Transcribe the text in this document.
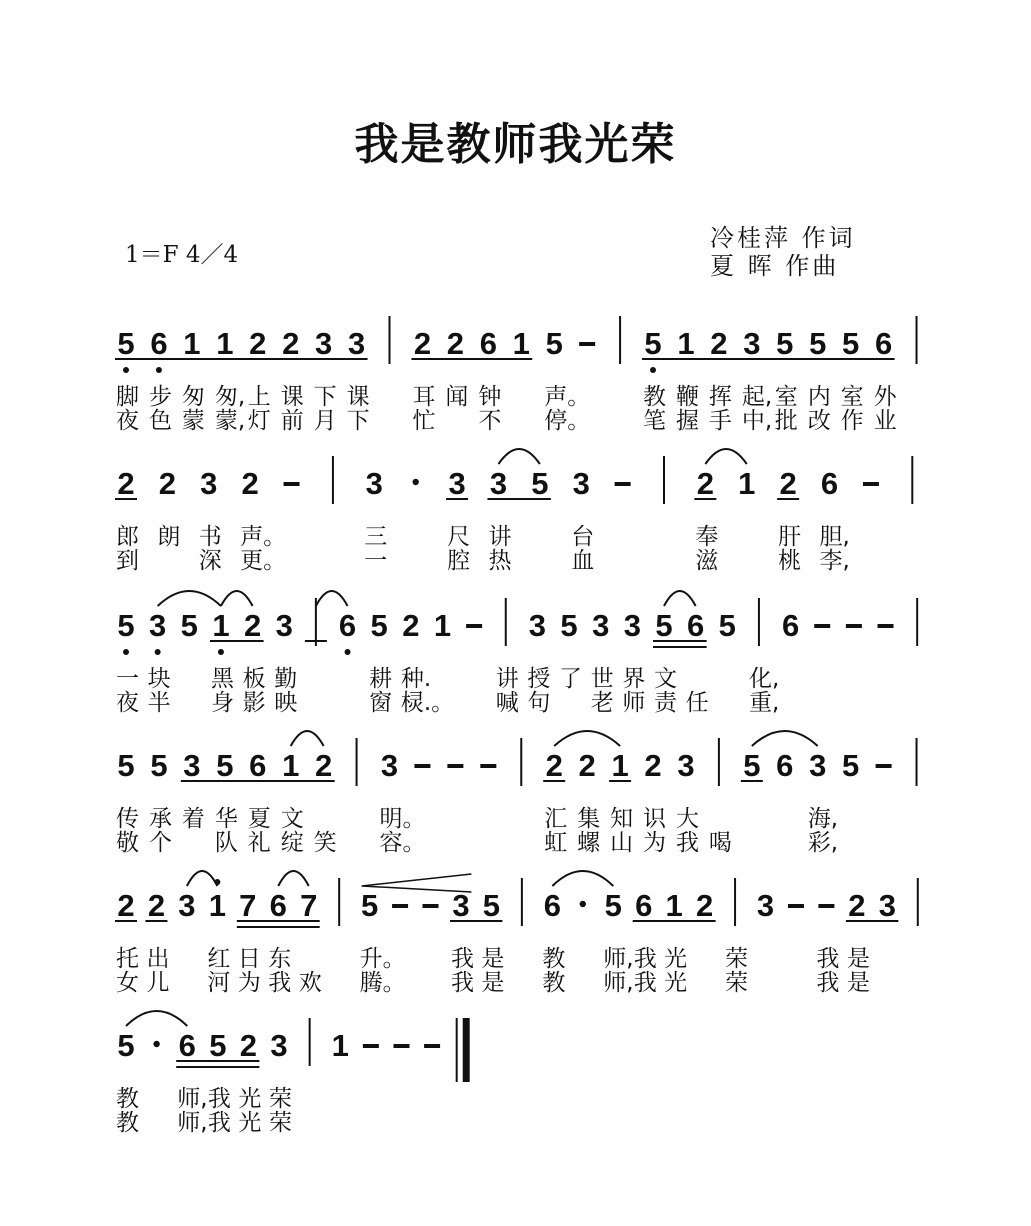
我是教师我光荣
1＝F 4／4
冷桂萍 作词
夏 晖 作曲
5
脚
夜
6
步
色
1
匆
蒙
1
匆,
蒙,
2
上
灯
2
课
前
3
下
月
3
课
下
2
耳
忙
2
闻
6
钟
不
1 5
声。
停。
5
教
笔
1
鞭
握
2
挥
手
3
起,
中,
5
室
批
5
内
改
5
室
作
6
外
业
2
郎
到
2
朗
3
书
深
2
声。
更。
3
三
一
3
尺
腔
3
讲
热
5 3
台
血
2
奉
滋
1 2
肝
桃
6
胆,
李,
5
一
夜
3
块
半
5 1
黑
身
2
板
影
3
勤
映
6 5
耕
窗
2
种.
棂.。
1
讲
喊
3
授
句
5
了
3
世
老
3
界
师
5
文
责
6
任
5
化,
重,
6
5
传
敬
5
承
个
3
着
5
华
队
6
夏
礼
1
文
绽
2
笑
3
明。
容。
2
汇
虹
2
集
螺
1
知
山
2
识
为
3
大
我 喝
5 6 3
海,
彩,
5
2
托
女
2
出
儿
3 1
红
河
7
日
为
6
东
我
7
欢
5
升。
腾。
3
我
我
5
是
是
6
教
教
5
师,
师,
6
我
我
1
光
光
2
荣
荣
3
我
我
2
是
是
3
5
教
教
6
师,
师,
5
我
我
2
光
光
3
荣
荣
1
